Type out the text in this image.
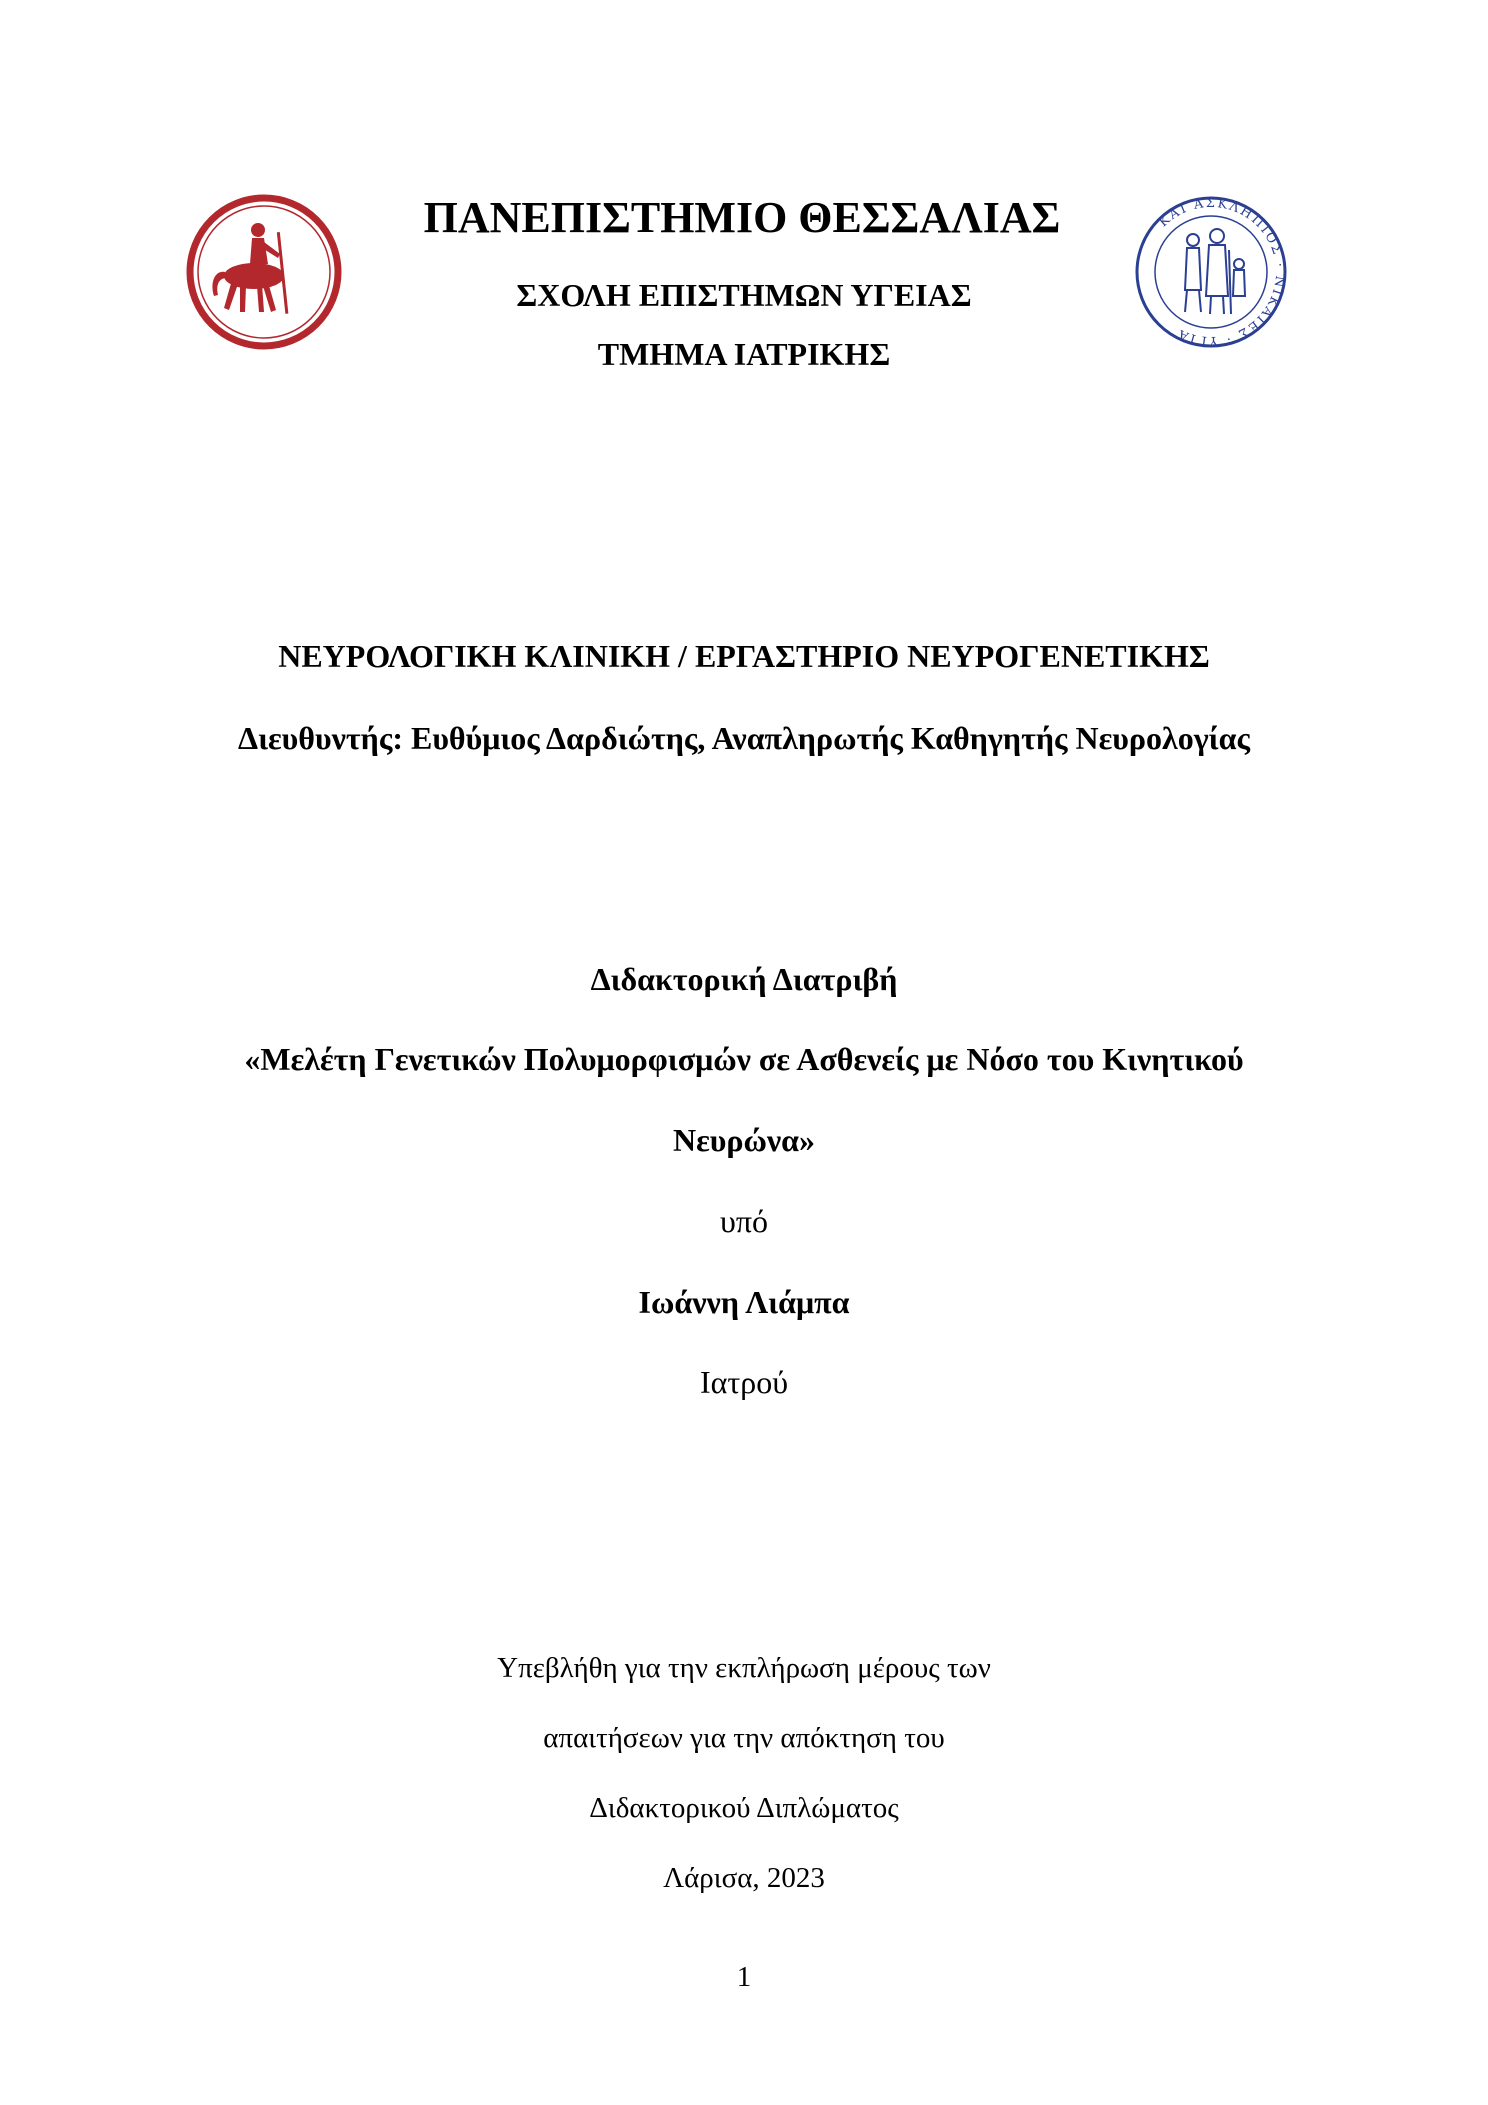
ΚΑΙ ΑΣΚΛΗΠΙΟΣ · ΝΙΚΑΙΕΣ · ΥΓΙΑ
ΠΑΝΕΠΙΣΤΗΜΙΟ ΘΕΣΣΑΛΙΑΣ
ΣΧΟΛΗ ΕΠΙΣΤΗΜΩΝ ΥΓΕΙΑΣ
ΤΜΗΜΑ ΙΑΤΡΙΚΗΣ
ΝΕΥΡΟΛΟΓΙΚΗ ΚΛΙΝΙΚΗ / ΕΡΓΑΣΤΗΡΙΟ ΝΕΥΡΟΓΕΝΕΤΙΚΗΣ
Διευθυντής: Ευθύμιος Δαρδιώτης, Αναπληρωτής Καθηγητής Νευρολογίας
Διδακτορική Διατριβή
«Μελέτη Γενετικών Πολυμορφισμών σε Ασθενείς με Νόσο του Κινητικού
Νευρώνα»
υπό
Ιωάννη Λιάμπα
Ιατρού
Υπεβλήθη για την εκπλήρωση μέρους των
απαιτήσεων για την απόκτηση του
Διδακτορικού Διπλώματος
Λάρισα, 2023
1
